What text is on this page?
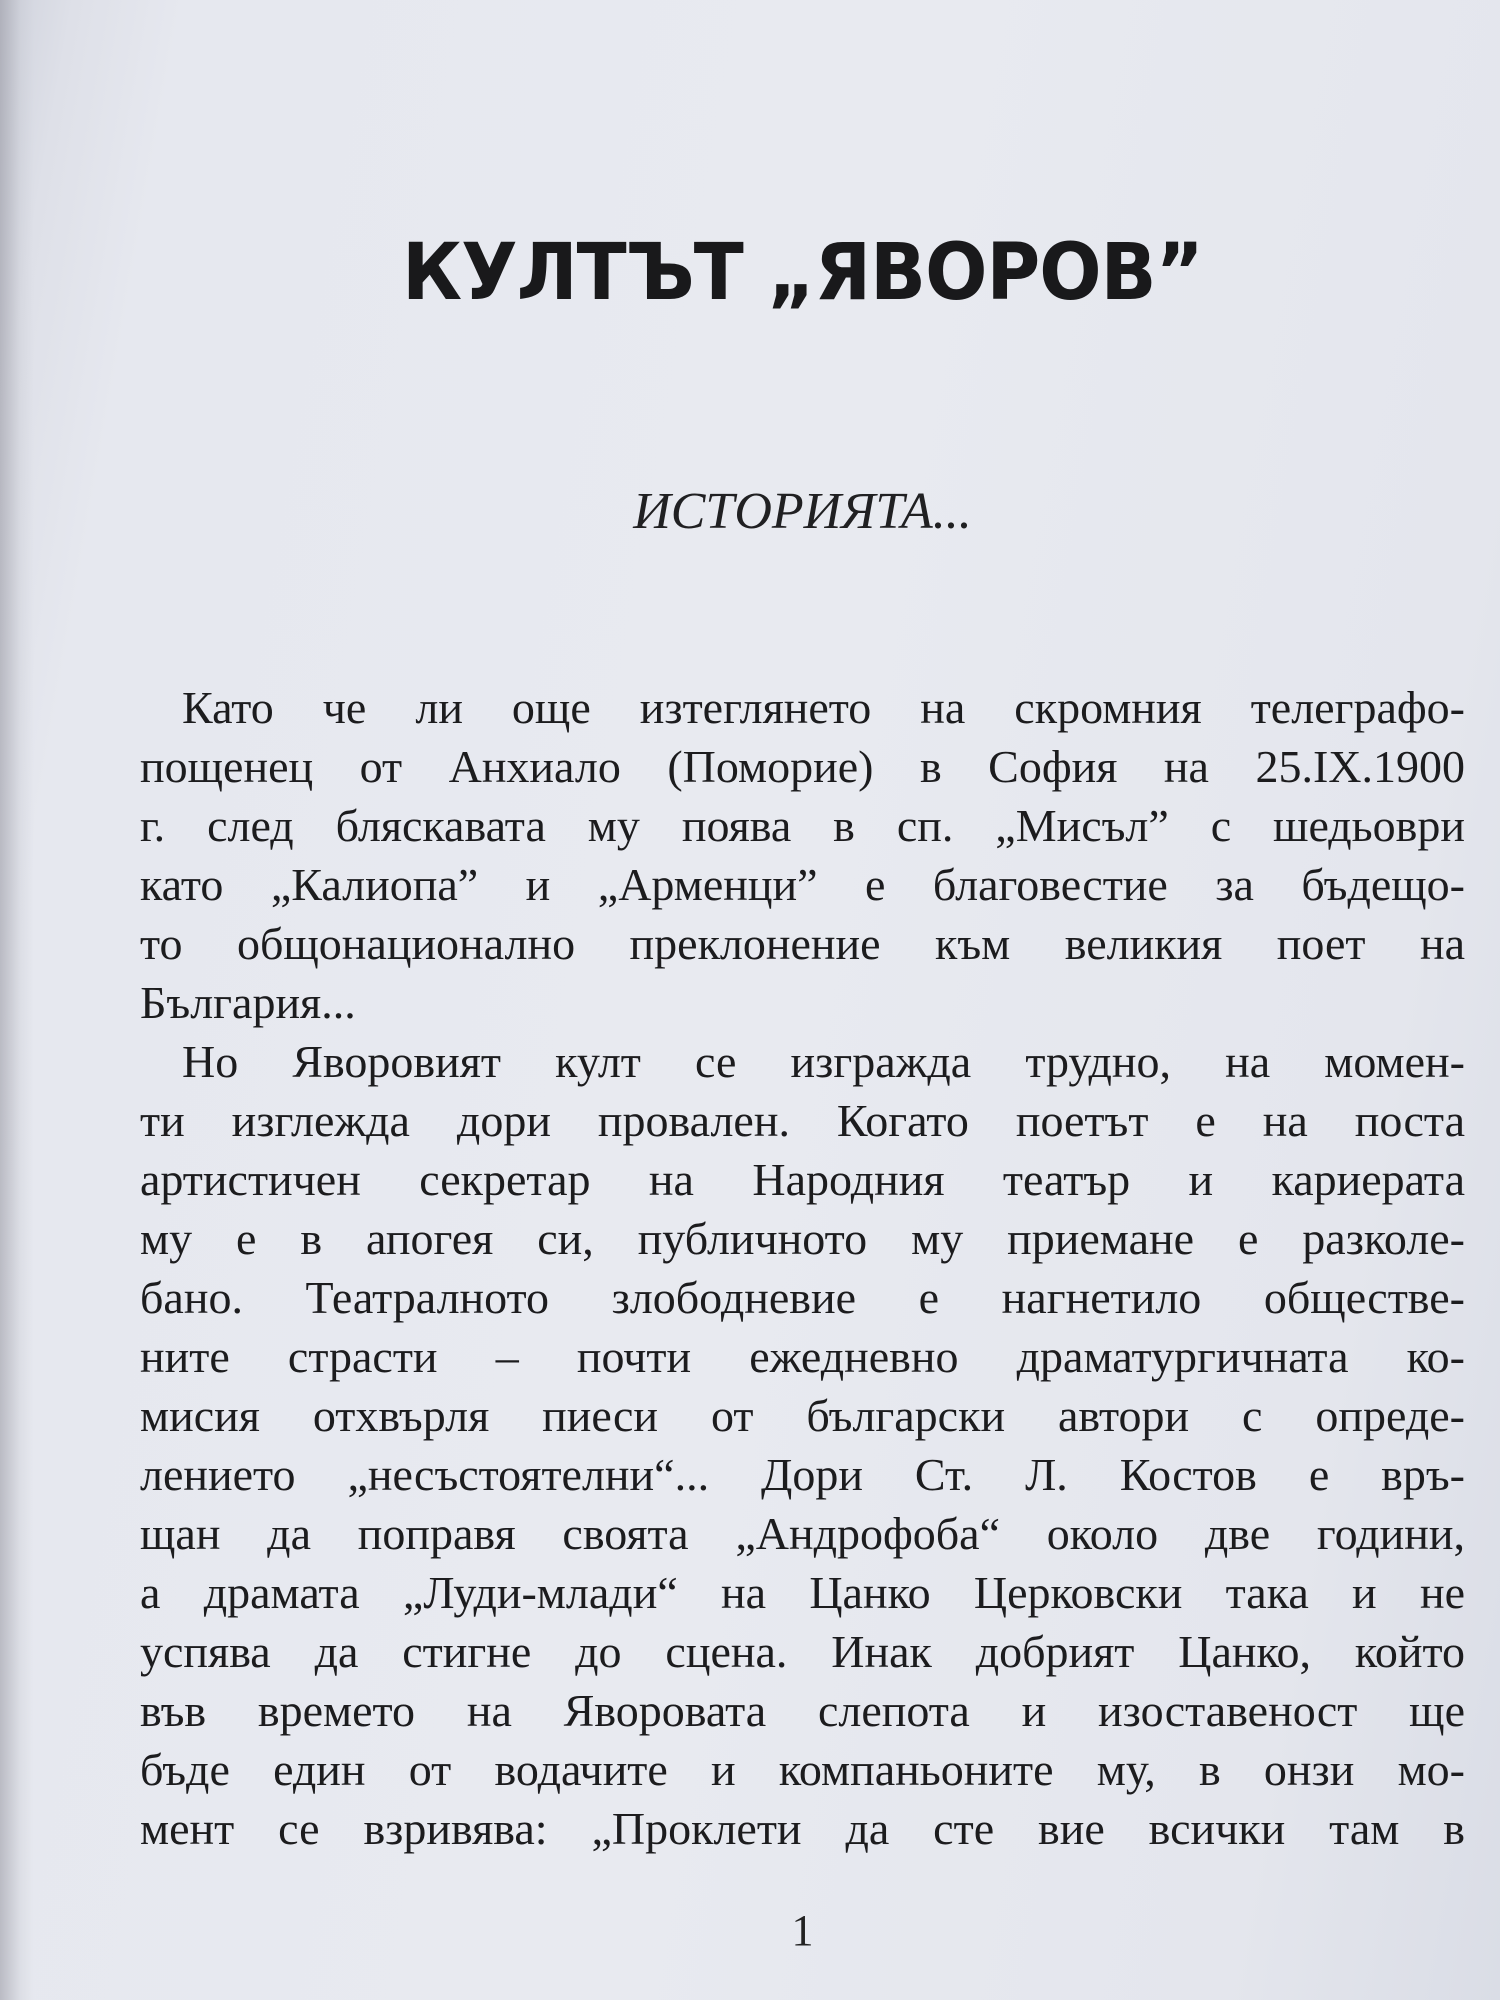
КУЛТЪТ „ЯВОРОВ”
ИСТОРИЯТА...
Като че ли още изтеглянето на скромния телеграфо-
пощенец от Анхиало (Поморие) в София на 25.IX.1900
г. след бляскавата му поява в сп. „Мисъл” с шедьоври
като „Калиопа” и „Арменци” е благовестие за бъдещо-
то общонационално преклонение към великия поет на
България...
Но Яворовият култ се изгражда трудно, на момен-
ти изглежда дори провален. Когато поетът е на поста
артистичен секретар на Народния театър и кариерата
му е в апогея си, публичното му приемане е разколе-
бано. Театралното злободневие е нагнетило обществе-
ните страсти – почти ежедневно драматургичната ко-
мисия отхвърля пиеси от български автори с опреде-
лението „несъстоятелни“... Дори Ст. Л. Костов е връ-
щан да поправя своята „Андрофоба“ около две години,
а драмата „Луди-млади“ на Цанко Церковски така и не
успява да стигне до сцена. Инак добрият Цанко, който
във времето на Яворовата слепота и изоставеност ще
бъде един от водачите и компаньоните му, в онзи мо-
мент се взривява: „Проклети да сте вие всички там в

1
